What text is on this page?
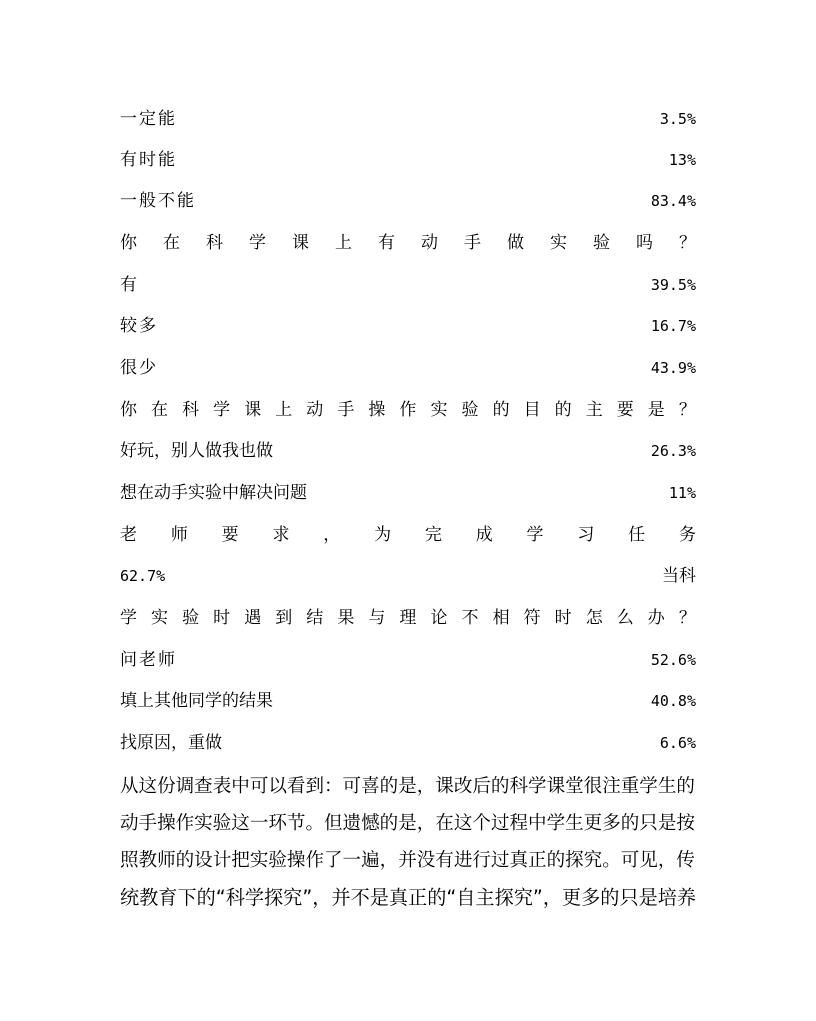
一定能	3.5%
有时能	13%
一般不能	83.4%
你 在 科 学 课 上 有 动 手 做 实 验 吗 ？
有	39.5%
较多	16.7%
很少	43.9%
你 在 科 学 课 上 动 手 操 作 实 验 的 目 的 主 要 是 ？
好玩，别人做我也做	26.3%
想在动手实验中解决问题	11%
老 师 要 求 ， 为 完 成 学 习 任 务
62.7%	当科
学 实 验 时 遇 到 结 果 与 理 论 不 相 符 时 怎 么 办 ？
问老师	52.6%
填上其他同学的结果	40.8%
找原因，重做	6.6%
从这份调查表中可以看到：可喜的是，课改后的科学课堂很注重学生的
动手操作实验这一环节。但遗憾的是，在这个过程中学生更多的只是按
照教师的设计把实验操作了一遍，并没有进行过真正的探究。可见，传
统教育下的“科学探究”，并不是真正的“自主探究”，更多的只是培养
